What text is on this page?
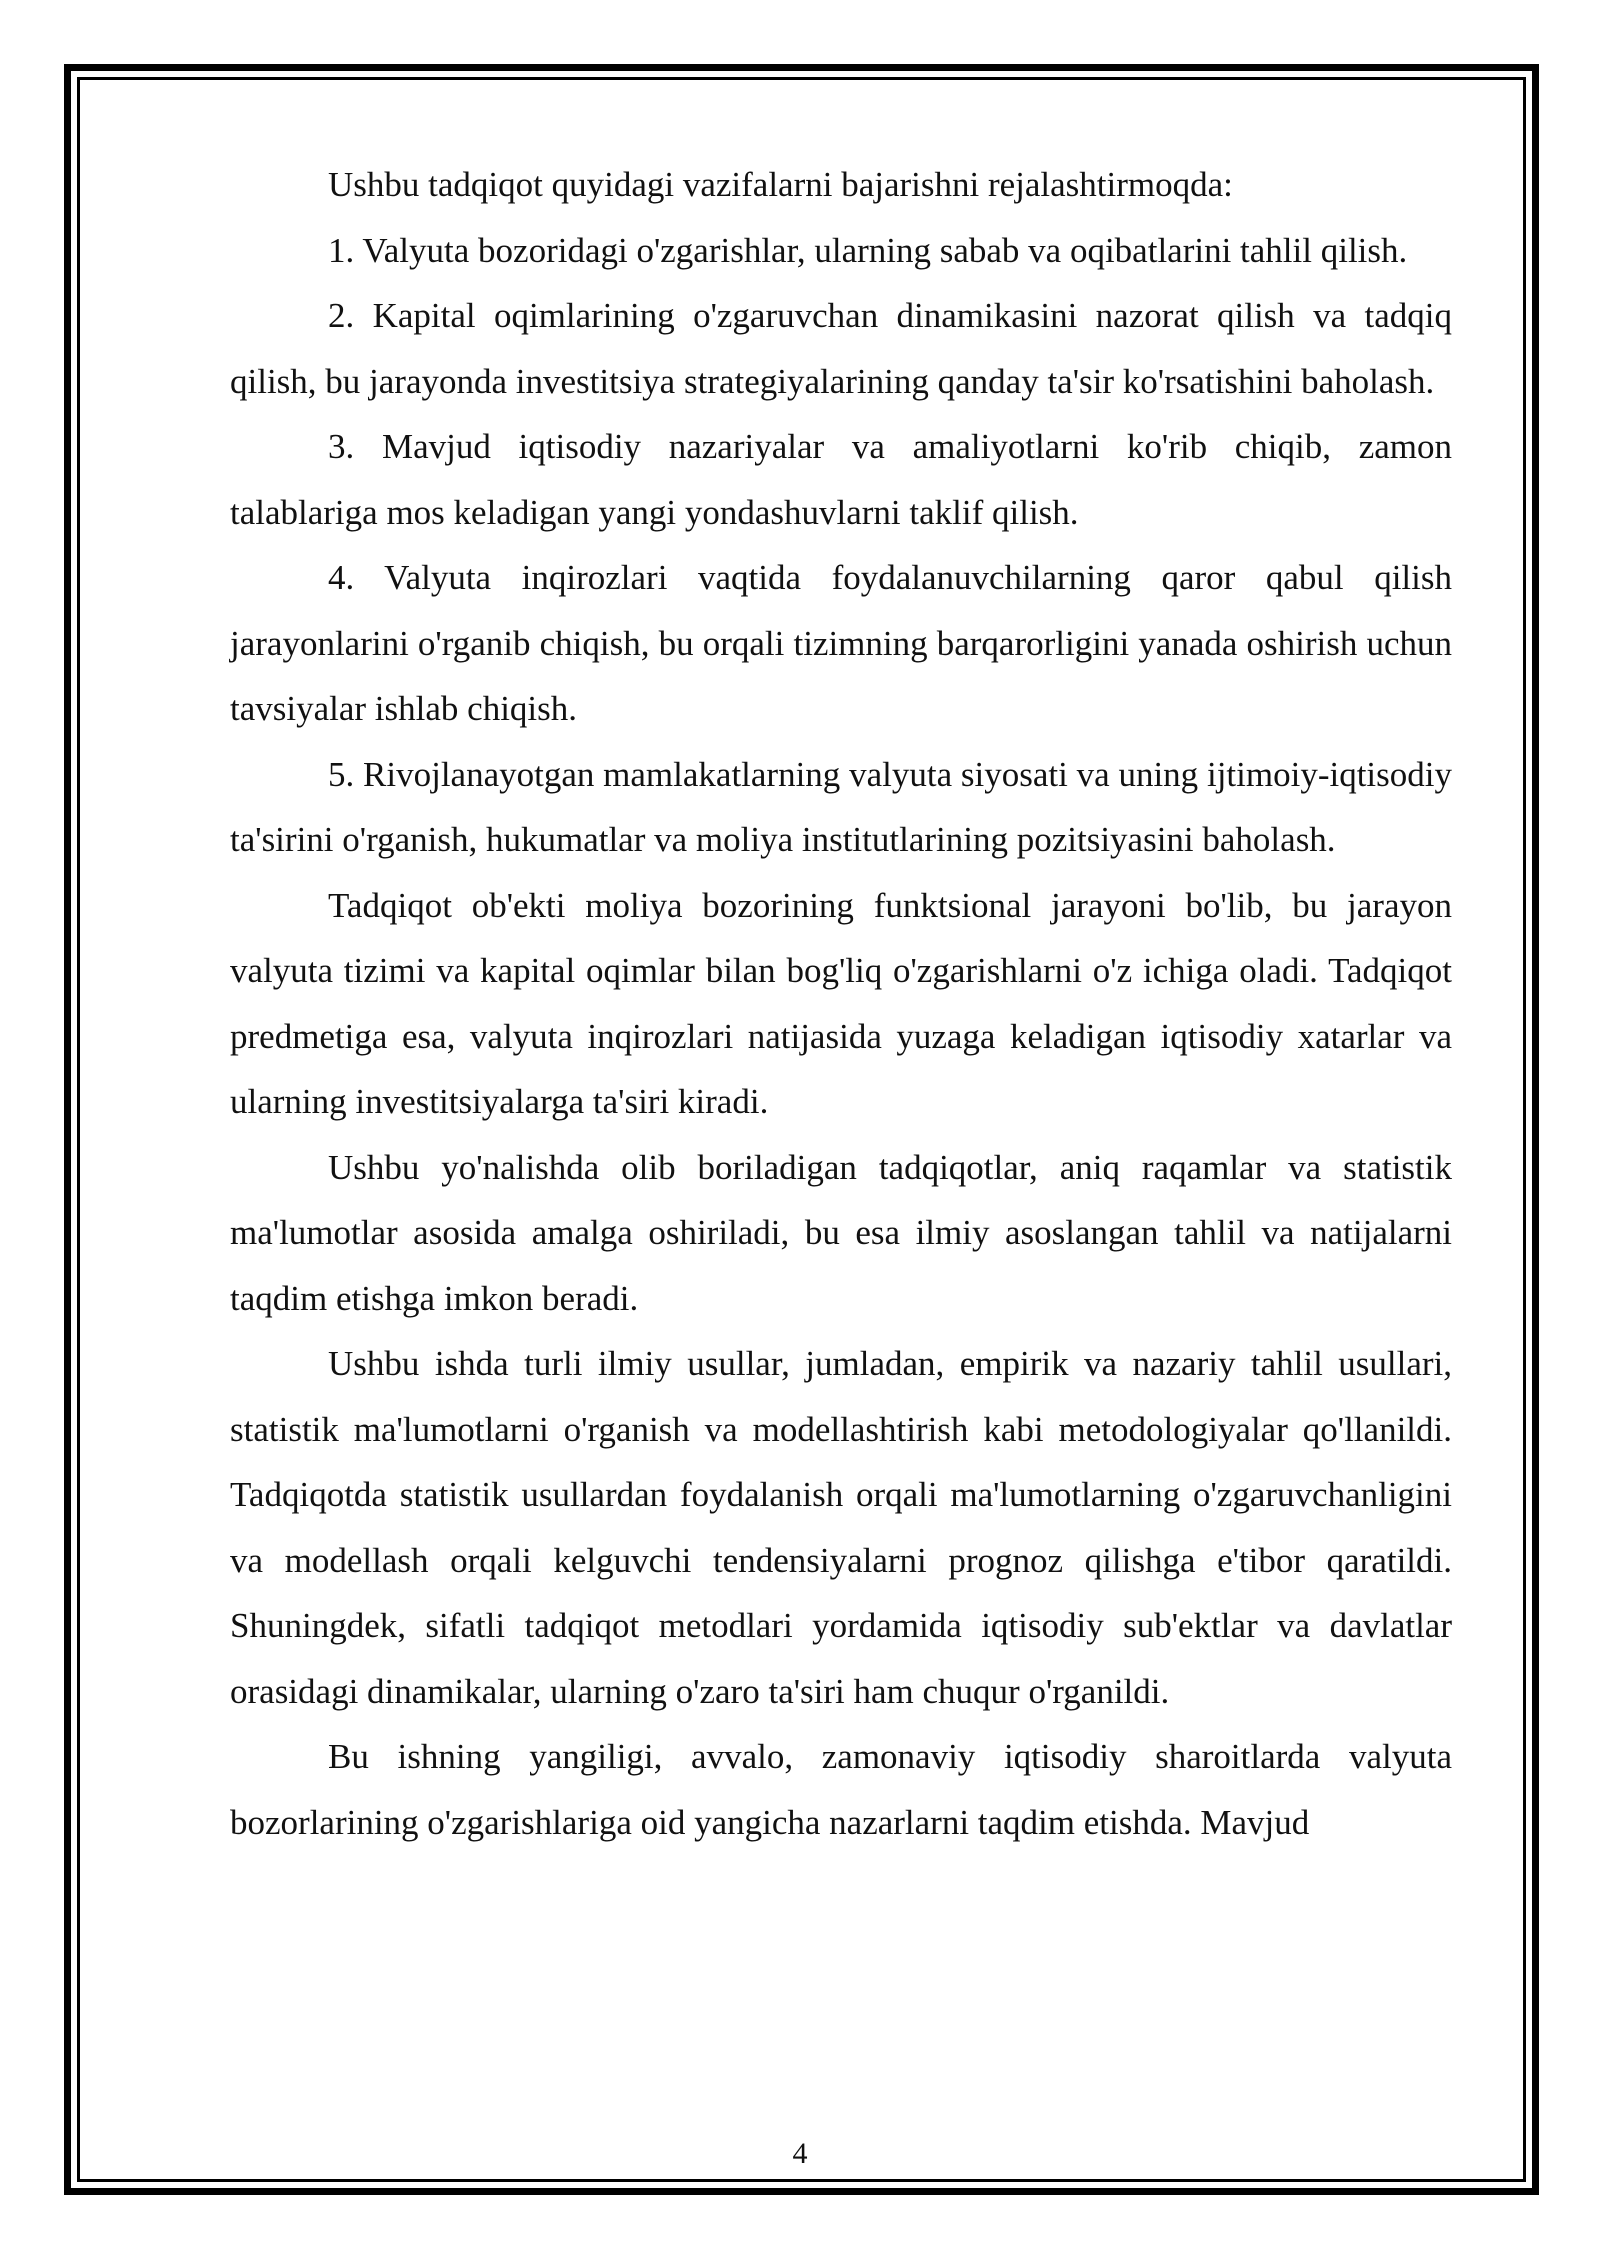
Ushbu tadqiqot quyidagi vazifalarni bajarishni rejalashtirmoqda:

1. Valyuta bozoridagi o'zgarishlar, ularning sabab va oqibatlarini tahlil qilish.

2. Kapital oqimlarining o'zgaruvchan dinamikasini nazorat qilish va tadqiq qilish, bu jarayonda investitsiya strategiyalarining qanday ta'sir ko'rsatishini baholash.

3. Mavjud iqtisodiy nazariyalar va amaliyotlarni ko'rib chiqib, zamon talablariga mos keladigan yangi yondashuvlarni taklif qilish.

4. Valyuta inqirozlari vaqtida foydalanuvchilarning qaror qabul qilish jarayonlarini o'rganib chiqish, bu orqali tizimning barqarorligini yanada oshirish uchun tavsiyalar ishlab chiqish.

5. Rivojlanayotgan mamlakatlarning valyuta siyosati va uning ijtimoiy-iqtisodiy ta'sirini o'rganish, hukumatlar va moliya institutlarining pozitsiyasini baholash.

Tadqiqot ob'ekti moliya bozorining funktsional jarayoni bo'lib, bu jarayon valyuta tizimi va kapital oqimlar bilan bog'liq o'zgarishlarni o'z ichiga oladi. Tadqiqot predmetiga esa, valyuta inqirozlari natijasida yuzaga keladigan iqtisodiy xatarlar va ularning investitsiyalarga ta'siri kiradi.

Ushbu yo'nalishda olib boriladigan tadqiqotlar, aniq raqamlar va statistik ma'lumotlar asosida amalga oshiriladi, bu esa ilmiy asoslangan tahlil va natijalarni taqdim etishga imkon beradi.

Ushbu ishda turli ilmiy usullar, jumladan, empirik va nazariy tahlil usullari, statistik ma'lumotlarni o'rganish va modellashtirish kabi metodologiyalar qo'llanildi. Tadqiqotda statistik usullardan foydalanish orqali ma'lumotlarning o'zgaruvchanligini va modellash orqali kelguvchi tendensiyalarni prognoz qilishga e'tibor qaratildi. Shuningdek, sifatli tadqiqot metodlari yordamida iqtisodiy sub'ektlar va davlatlar orasidagi dinamikalar, ularning o'zaro ta'siri ham chuqur o'rganildi.

Bu ishning yangiligi, avvalo, zamonaviy iqtisodiy sharoitlarda valyuta bozorlarining o'zgarishlariga oid yangicha nazarlarni taqdim etishda. Mavjud

4
